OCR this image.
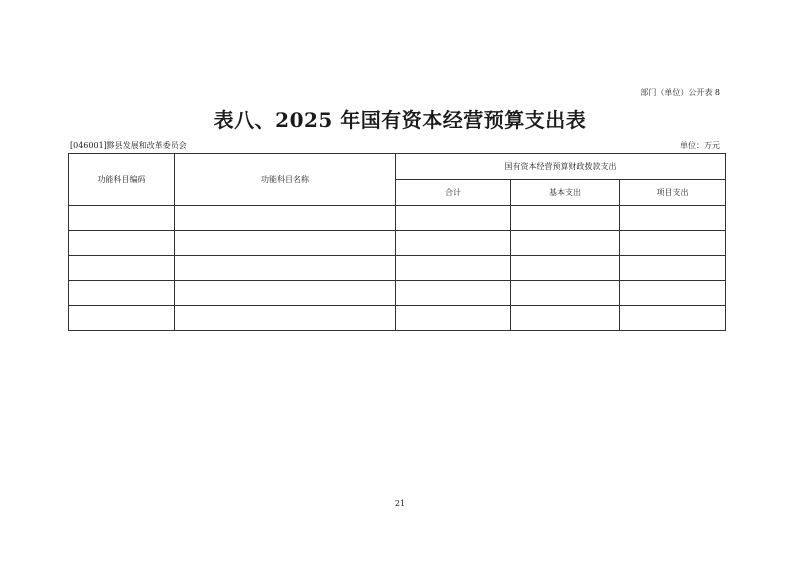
部门（单位）公开表 8
表八、2025 年国有资本经营预算支出表
[046001]黟县发展和改革委员会	单位：万元
功能科目编码	功能科目名称	国有资本经营预算财政拨款支出		
		合计	基本支出	项目支出

21
